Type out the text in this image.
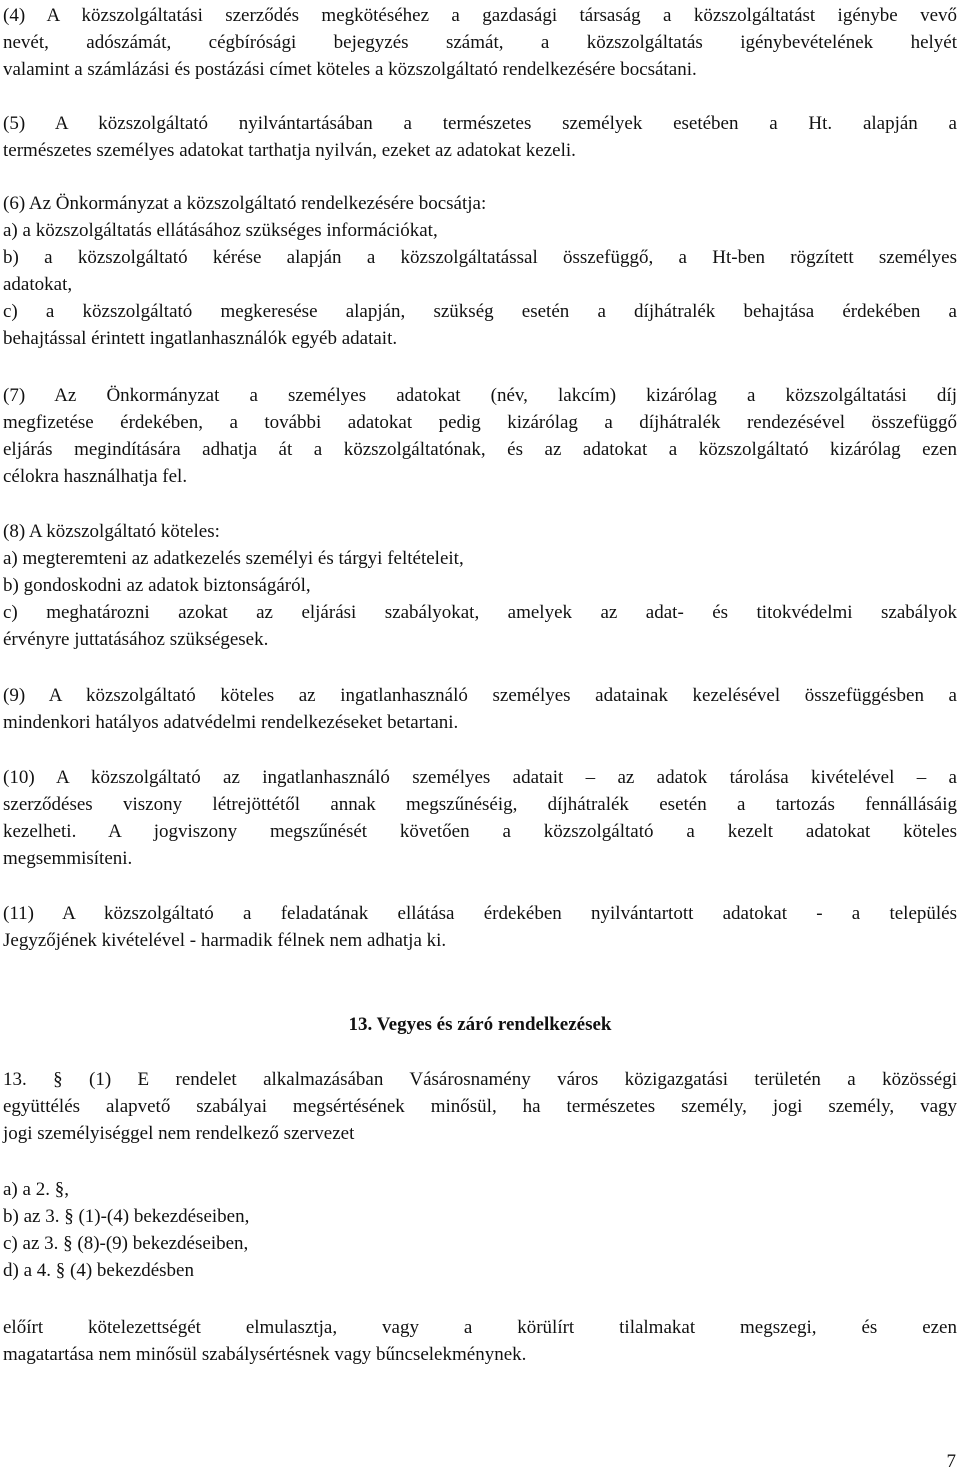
(4) A közszolgáltatási szerződés megkötéséhez a gazdasági társaság a közszolgáltatást igénybe vevő
nevét, adószámát, cégbírósági bejegyzés számát, a közszolgáltatás igénybevételének helyét
valamint a számlázási és postázási címet köteles a közszolgáltató rendelkezésére bocsátani.
(5) A közszolgáltató nyilvántartásában a természetes személyek esetében a Ht. alapján a
természetes személyes adatokat tarthatja nyilván, ezeket az adatokat kezeli.
(6) Az Önkormányzat a közszolgáltató rendelkezésére bocsátja:
a) a közszolgáltatás ellátásához szükséges információkat,
b) a közszolgáltató kérése alapján a közszolgáltatással összefüggő, a Ht-ben rögzített személyes
adatokat,
c) a közszolgáltató megkeresése alapján, szükség esetén a díjhátralék behajtása érdekében a
behajtással érintett ingatlanhasználók egyéb adatait.
(7) Az Önkormányzat a személyes adatokat (név, lakcím) kizárólag a közszolgáltatási díj
megfizetése érdekében, a további adatokat pedig kizárólag a díjhátralék rendezésével összefüggő
eljárás megindítására adhatja át a közszolgáltatónak, és az adatokat a közszolgáltató kizárólag ezen
célokra használhatja fel.
(8) A közszolgáltató köteles:
a) megteremteni az adatkezelés személyi és tárgyi feltételeit,
b) gondoskodni az adatok biztonságáról,
c) meghatározni azokat az eljárási szabályokat, amelyek az adat- és titokvédelmi szabályok
érvényre juttatásához szükségesek.
(9) A közszolgáltató köteles az ingatlanhasználó személyes adatainak kezelésével összefüggésben a
mindenkori hatályos adatvédelmi rendelkezéseket betartani.
(10) A közszolgáltató az ingatlanhasználó személyes adatait – az adatok tárolása kivételével – a
szerződéses viszony létrejöttétől annak megszűnéséig, díjhátralék esetén a tartozás fennállásáig
kezelheti. A jogviszony megszűnését követően a közszolgáltató a kezelt adatokat köteles
megsemmisíteni.
(11) A közszolgáltató a feladatának ellátása érdekében nyilvántartott adatokat - a település
Jegyzőjének kivételével - harmadik félnek nem adhatja ki.
13. Vegyes és záró rendelkezések
13. § (1) E rendelet alkalmazásában Vásárosnamény város közigazgatási területén a közösségi
együttélés alapvető szabályai megsértésének minősül, ha természetes személy, jogi személy, vagy
jogi személyiséggel nem rendelkező szervezet
a) a 2. §,
b) az 3. § (1)-(4) bekezdéseiben,
c) az 3. § (8)-(9) bekezdéseiben,
d) a 4. § (4) bekezdésben
előírt kötelezettségét elmulasztja, vagy a körülírt tilalmakat megszegi, és ezen
magatartása nem minősül szabálysértésnek vagy bűncselekménynek.
7
